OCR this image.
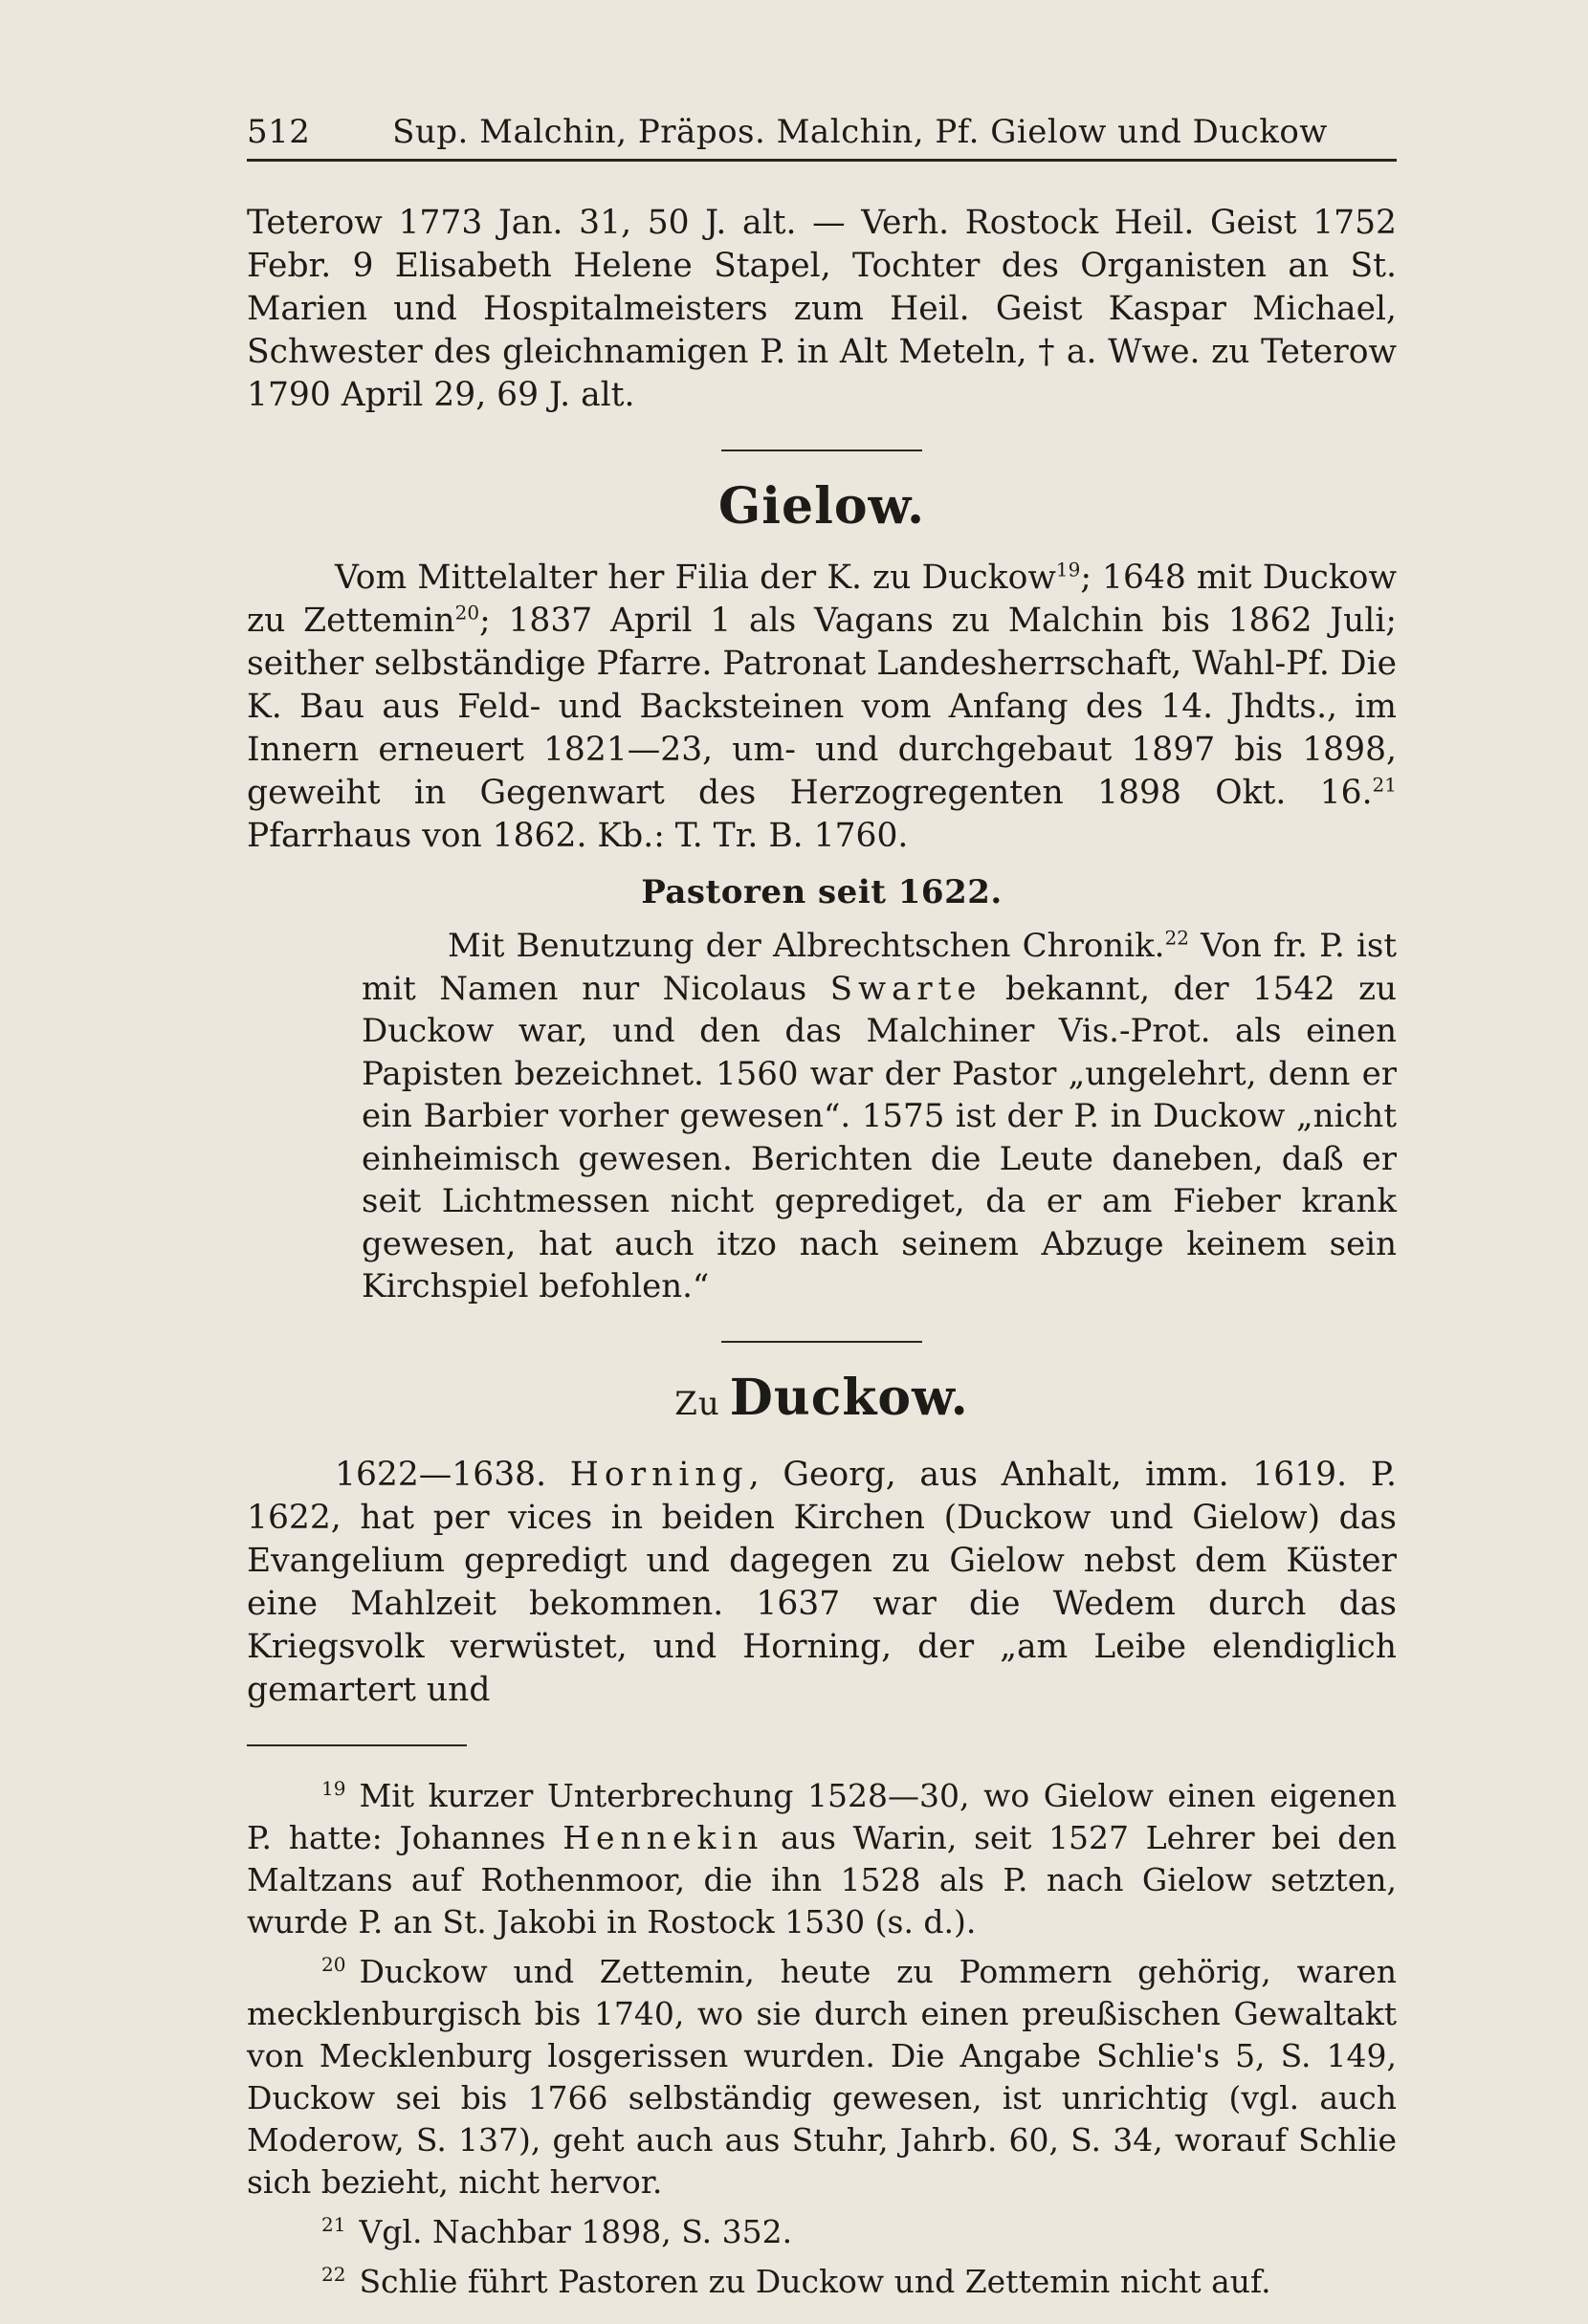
512	Sup. Malchin, Präpos. Malchin, Pf. Gielow und Duckow

Teterow 1773 Jan. 31, 50 J. alt. — Verh. Rostock Heil. Geist 1752 Febr. 9 Elisabeth Helene Stapel, Tochter des Organisten an St. Marien und Hospitalmeisters zum Heil. Geist Kaspar Michael, Schwester des gleichnamigen P. in Alt Meteln, † a. Wwe. zu Teterow 1790 April 29, 69 J. alt.

Gielow.

Vom Mittelalter her Filia der K. zu Duckow$^{19}$; 1648 mit Duckow zu Zettemin$^{20}$; 1837 April 1 als Vagans zu Malchin bis 1862 Juli; seither selbständige Pfarre. Patronat Landesherrschaft, Wahl-Pf. Die K. Bau aus Feld- und Backsteinen vom Anfang des 14. Jhdts., im Innern erneuert 1821—23, um- und durchgebaut 1897 bis 1898, geweiht in Gegenwart des Herzogregenten 1898 Okt. 16.21 Pfarrhaus von 1862. Kb.: T. Tr. B. 1760.

Pastoren seit 1622.

Mit Benutzung der Albrechtschen Chronik.$^{22}$ Von fr. P. ist mit Namen nur Nicolaus Swarte bekannt, der 1542 zu Duckow war, und den das Malchiner Vis.-Prot. als einen Papisten bezeichnet. 1560 war der Pastor „ungelehrt, denn er ein Barbier vorher gewesen“. 1575 ist der P. in Duckow „nicht einheimisch gewesen. Berichten die Leute daneben, daß er seit Lichtmessen nicht geprediget, da er am Fieber krank gewesen, hat auch itzo nach seinem Abzuge keinem sein Kirchspiel befohlen.“

Zu Duckow.

1622—1638. Horning, Georg, aus Anhalt, imm. 1619. P. 1622, hat per vices in beiden Kirchen (Duckow und Gielow) das Evangelium gepredigt und dagegen zu Gielow nebst dem Küster eine Mahlzeit bekommen. 1637 war die Wedem durch das Kriegsvolk verwüstet, und Horning, der „am Leibe elendiglich gemartert und

$^{19}$ Mit kurzer Unterbrechung 1528—30, wo Gielow einen eigenen P. hatte: Johannes Hennekin aus Warin, seit 1527 Lehrer bei den Maltzans auf Rothenmoor, die ihn 1528 als P. nach Gielow setzten, wurde P. an St. Jakobi in Rostock 1530 (s. d.).

$^{20}$ Duckow und Zettemin, heute zu Pommern gehörig, waren mecklenburgisch bis 1740, wo sie durch einen preußischen Gewaltakt von Mecklenburg losgerissen wurden. Die Angabe Schlie's 5, S. 149, Duckow sei bis 1766 selbständig gewesen, ist unrichtig (vgl. auch Moderow, S. 137), geht auch aus Stuhr, Jahrb. 60, S. 34, worauf Schlie sich bezieht, nicht hervor.

$^{21}$ Vgl. Nachbar 1898, S. 352.

$^{22}$ Schlie führt Pastoren zu Duckow und Zettemin nicht auf.
